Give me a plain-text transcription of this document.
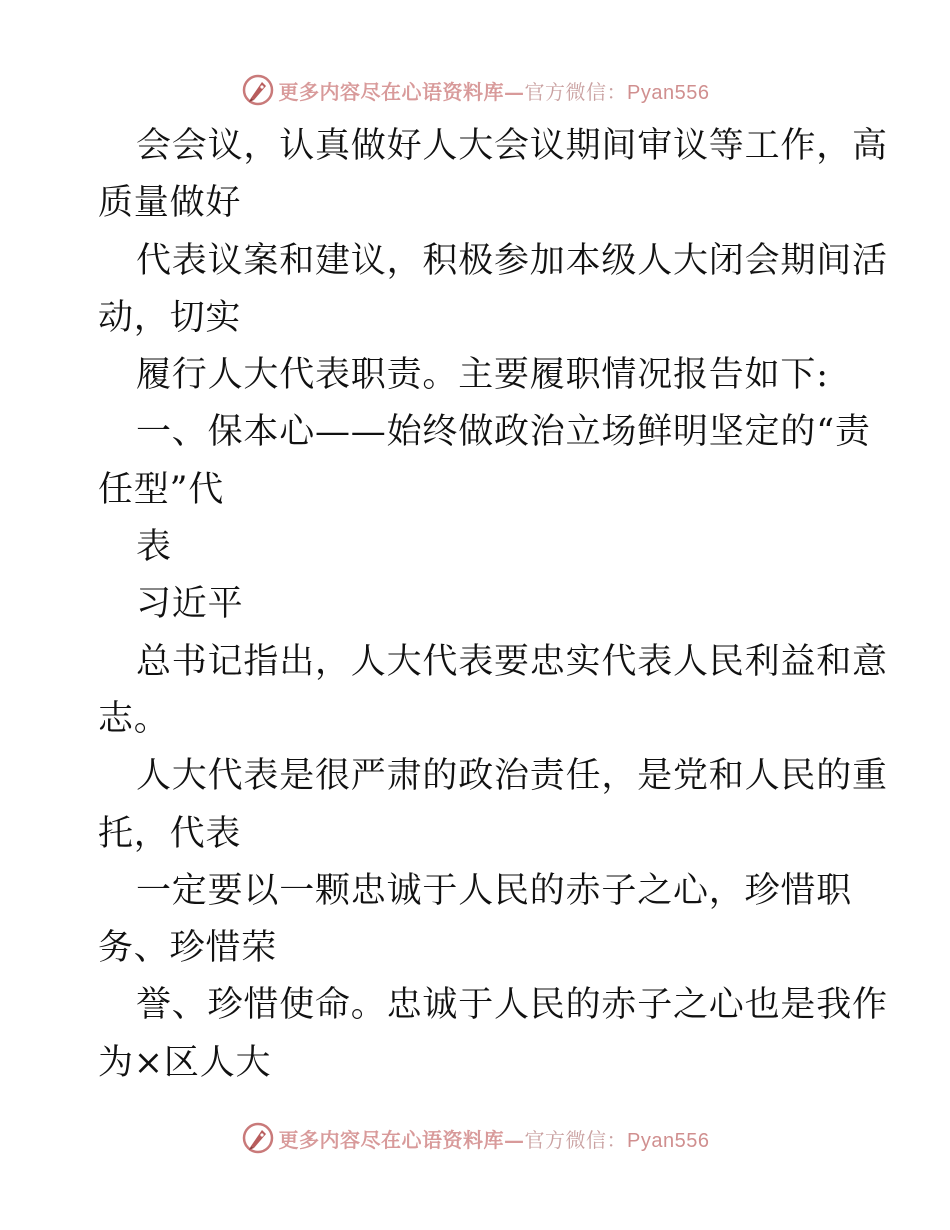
更多内容尽在心语资料库—官方微信：Pyan556
会会议，认真做好人大会议期间审议等工作，高
质量做好
代表议案和建议，积极参加本级人大闭会期间活
动，切实
履行人大代表职责。主要履职情况报告如下:
一、保本心——始终做政治立场鲜明坚定的“责
任型”代
表
习近平
总书记指出，人大代表要忠实代表人民利益和意
志。
人大代表是很严肃的政治责任，是党和人民的重
托，代表
一定要以一颗忠诚于人民的赤子之心，珍惜职
务、珍惜荣
誉、珍惜使命。忠诚于人民的赤子之心也是我作
为×区人大
更多内容尽在心语资料库—官方微信：Pyan556
